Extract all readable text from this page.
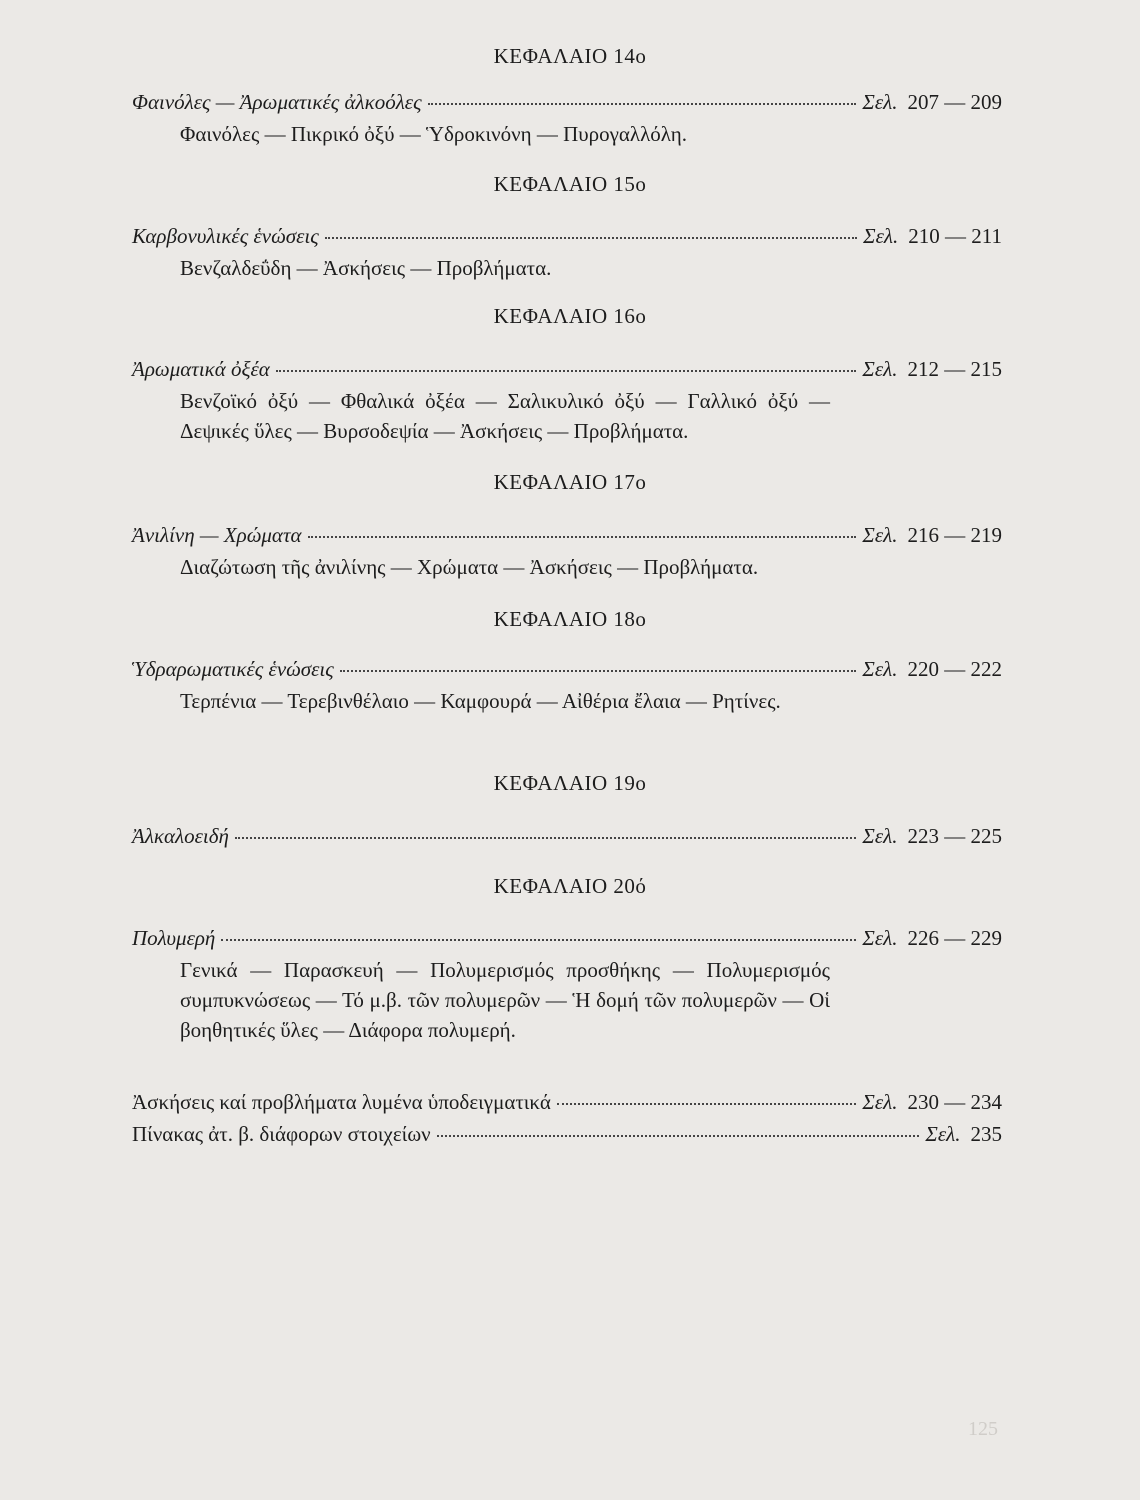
125
ΚΕΦΑΛΑΙΟ 14ο
Φαινόλες — Ἀρωματικές ἀλκοόλες	Σελ. 207 — 209
Φαινόλες — Πικρικό ὀξύ — Ὑδροκινόνη — Πυρογαλλόλη.
ΚΕΦΑΛΑΙΟ 15ο
Καρβονυλικές ἑνώσεις	Σελ. 210 — 211
Βενζαλδεΰδη — Ἀσκήσεις — Προβλήματα.
ΚΕΦΑΛΑΙΟ 16ο
Ἀρωματικά ὀξέα	Σελ. 212 — 215
Βενζοϊκό ὀξύ — Φθαλικά ὀξέα — Σαλικυλικό ὀξύ — Γαλλικό ὀξύ — Δεψικές ὕλες — Βυρσοδεψία — Ἀσκήσεις — Προβλήματα.
ΚΕΦΑΛΑΙΟ 17ο
Ἀνιλίνη — Χρώματα	Σελ. 216 — 219
Διαζώτωση τῆς ἀνιλίνης — Χρώματα — Ἀσκήσεις — Προβλήματα.
ΚΕΦΑΛΑΙΟ 18ο
Ὑδραρωματικές ἑνώσεις	Σελ. 220 — 222
Τερπένια — Τερεβινθέλαιο — Καμφουρά — Αἰθέρια ἔλαια — Ρητίνες.
ΚΕΦΑΛΑΙΟ 19ο
Ἀλκαλοειδή	Σελ. 223 — 225
ΚΕΦΑΛΑΙΟ 20ό
Πολυμερή	Σελ. 226 — 229
Γενικά — Παρασκευή — Πολυμερισμός προσθήκης — Πολυμερισμός συμπυκνώσεως — Τό μ.β. τῶν πολυμερῶν — Ἡ δομή τῶν πολυμερῶν — Οἱ βοηθητικές ὕλες — Διάφορα πολυμερή.
Ἀσκήσεις καί προβλήματα λυμένα ὑποδειγματικά	Σελ. 230 — 234
Πίνακας ἀτ. β. διάφορων στοιχείων	Σελ. 235
